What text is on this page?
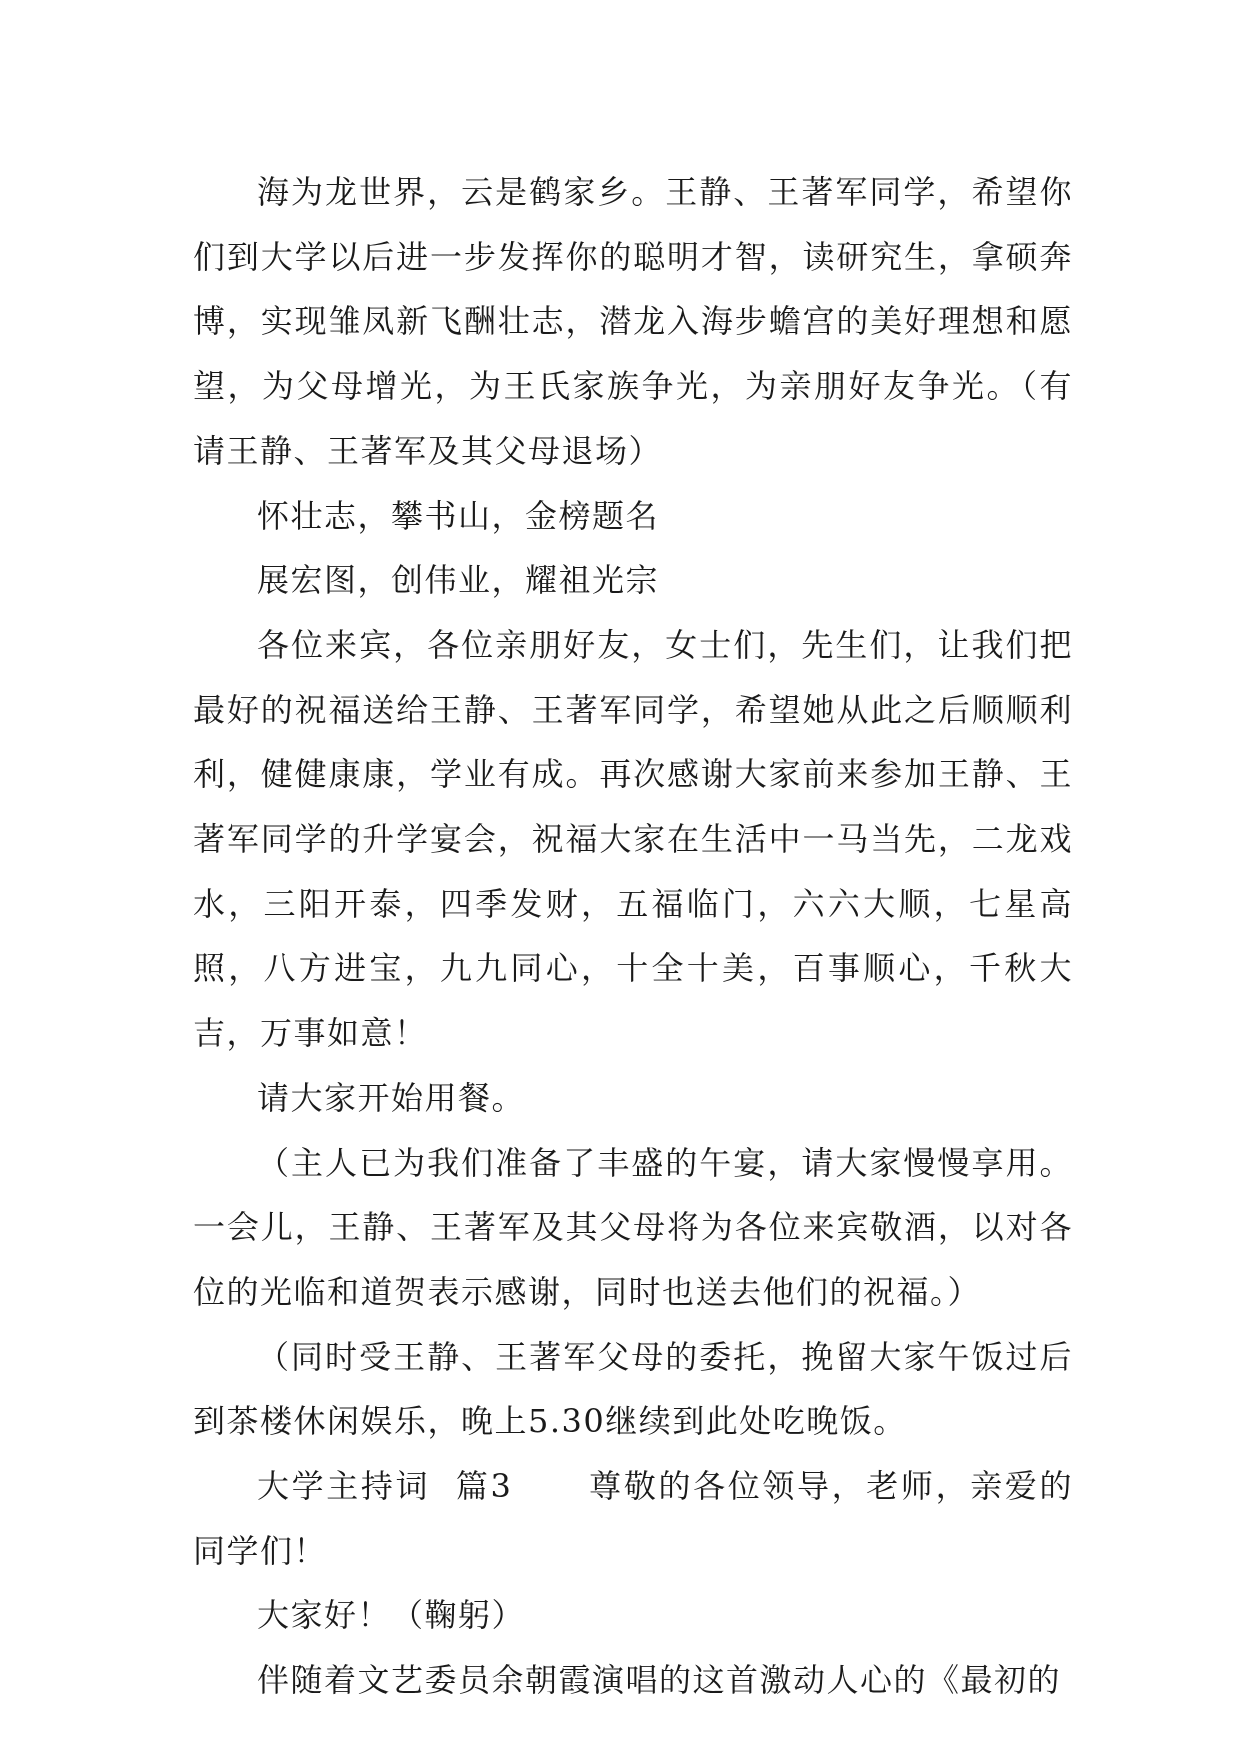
海为龙世界，云是鹤家乡。王静、王著军同学，希望你们到大学以后进一步发挥你的聪明才智，读研究生，拿硕奔博，实现雏凤新飞酬壮志，潜龙入海步蟾宫的美好理想和愿望，为父母增光，为王氏家族争光，为亲朋好友争光。（有请王静、王著军及其父母退场）

怀壮志，攀书山，金榜题名

展宏图，创伟业，耀祖光宗

各位来宾，各位亲朋好友，女士们，先生们，让我们把最好的祝福送给王静、王著军同学，希望她从此之后顺顺利利，健健康康，学业有成。再次感谢大家前来参加王静、王著军同学的升学宴会，祝福大家在生活中一马当先，二龙戏水，三阳开泰，四季发财，五福临门，六六大顺，七星高照，八方进宝，九九同心，十全十美，百事顺心，千秋大吉，万事如意！

请大家开始用餐。

（主人已为我们准备了丰盛的午宴，请大家慢慢享用。一会儿，王静、王著军及其父母将为各位来宾敬酒，以对各位的光临和道贺表示感谢，同时也送去他们的祝福。）

（同时受王静、王著军父母的委托，挽留大家午饭过后到茶楼休闲娱乐，晚上5.30继续到此处吃晚饭。

大学主持词  篇3      尊敬的各位领导，老师，亲爱的同学们！

大家好！（鞠躬）

伴随着文艺委员余朝霞演唱的这首激动人心的《最初的
